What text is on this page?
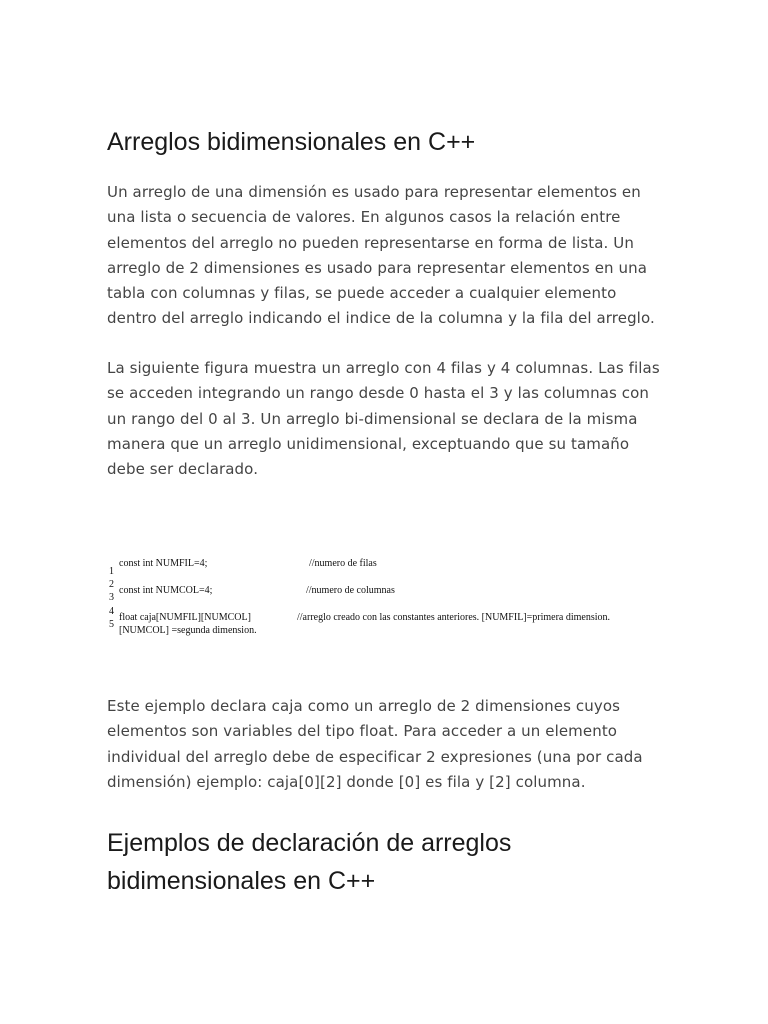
Arreglos bidimensionales en C++

Un arreglo de una dimensión es usado para representar elementos en
una lista o secuencia de valores. En algunos casos la relación entre
elementos del arreglo no pueden representarse en forma de lista. Un
arreglo de 2 dimensiones es usado para representar elementos en una
tabla con columnas y filas, se puede acceder a cualquier elemento
dentro del arreglo indicando el indice de la columna y la fila del arreglo.

La siguiente figura muestra un arreglo con 4 filas y 4 columnas. Las filas
se acceden integrando un rango desde 0 hasta el 3 y las columnas con
un rango del 0 al 3. Un arreglo bi-dimensional se declara de la misma
manera que un arreglo unidimensional, exceptuando que su tamaño
debe ser declarado.

1
2
3
4
5
const int NUMFIL=4;	//numero de filas
const int NUMCOL=4;	//numero de columnas
float caja[NUMFIL][NUMCOL]	//arreglo creado con las constantes anteriores. [NUMFIL]=primera dimension.
[NUMCOL] =segunda dimension.

Este ejemplo declara caja como un arreglo de 2 dimensiones cuyos
elementos son variables del tipo float. Para acceder a un elemento
individual del arreglo debe de especificar 2 expresiones (una por cada
dimensión) ejemplo: caja[0][2] donde [0] es fila y [2] columna.

Ejemplos de declaración de arreglos
bidimensionales en C++
